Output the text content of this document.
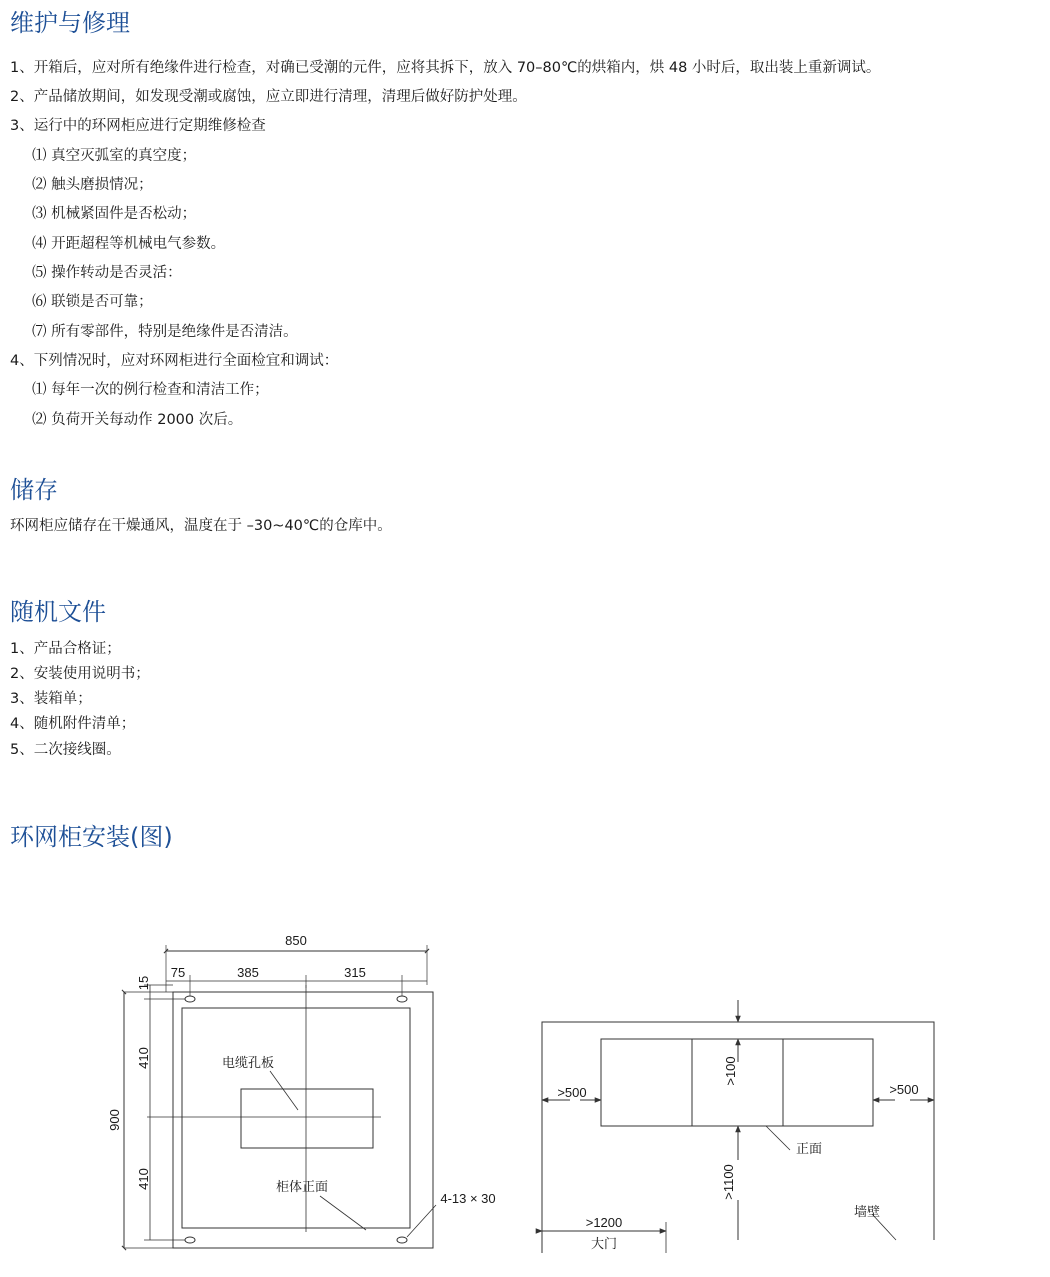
维护与修理
1、开箱后，应对所有绝缘件进行检查，对确已受潮的元件，应将其拆下，放入 70–80℃的烘箱内，烘 48 小时后，取出装上重新调试。
2、产品储放期间，如发现受潮或腐蚀，应立即进行清理，清理后做好防护处理。
3、运行中的环网柜应进行定期维修检查
⑴ 真空灭弧室的真空度；
⑵ 触头磨损情况；
⑶ 机械紧固件是否松动；
⑷ 开距超程等机械电气参数。
⑸ 操作转动是否灵活：
⑹ 联锁是否可靠；
⑺ 所有零部件，特别是绝缘件是否清洁。
4、下列情况时，应对环网柜进行全面检宜和调试：
⑴ 每年一次的例行检查和清洁工作；
⑵ 负荷开关每动作 2000 次后。
储存
环网柜应储存在干燥通风，温度在于 –30~40℃的仓库中。
随机文件
1、产品合格证；
2、安装使用说明书；
3、装箱单；
4、随机附件清单；
5、二次接线圈。
环网柜安装(图)
850
75	385	315
15
900
410
410
电缆孔板
柜体正面
4-13 × 30
>500	>500
>100
>1100
>1200
正面
墙壁
大门
